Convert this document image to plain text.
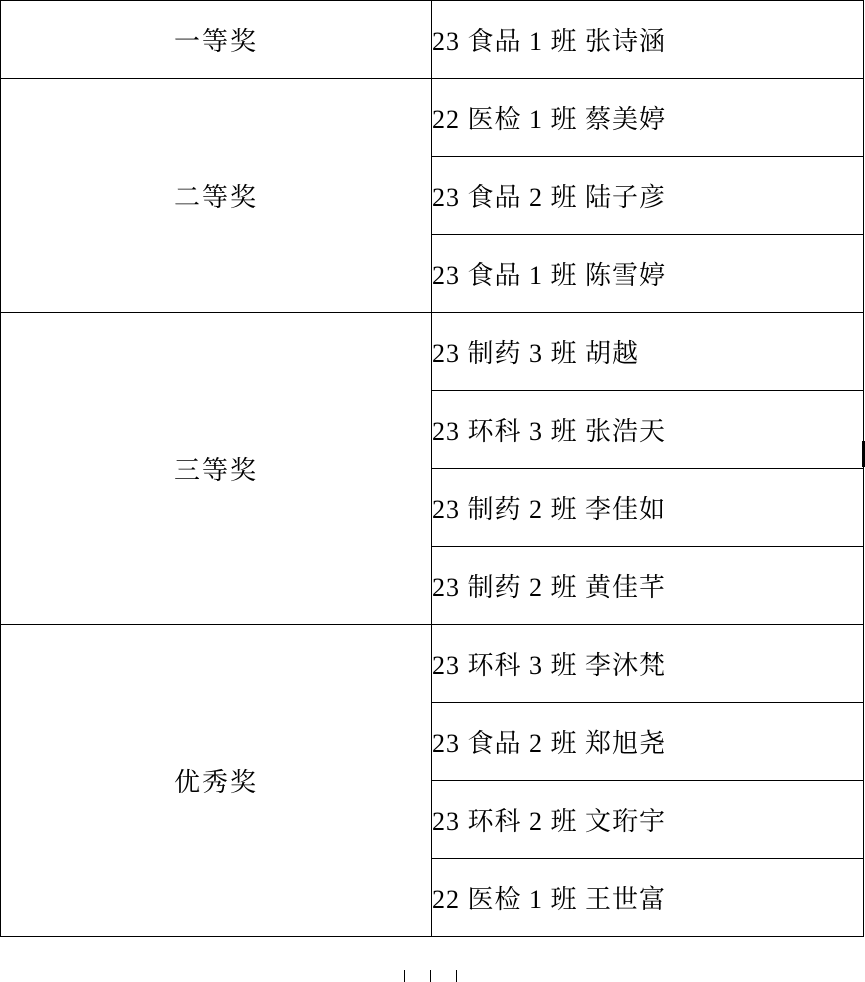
一等奖	23 食品 1 班 张诗涵
二等奖	22 医检 1 班 蔡美婷
	23 食品 2 班 陆子彦
	23 食品 1 班 陈雪婷
三等奖	23 制药 3 班 胡越
	23 环科 3 班 张浩天
	23 制药 2 班 李佳如
	23 制药 2 班 黄佳芊
优秀奖	23 环科 3 班 李沐梵
	23 食品 2 班 郑旭尧
	23 环科 2 班 文珩宇
	22 医检 1 班 王世富
